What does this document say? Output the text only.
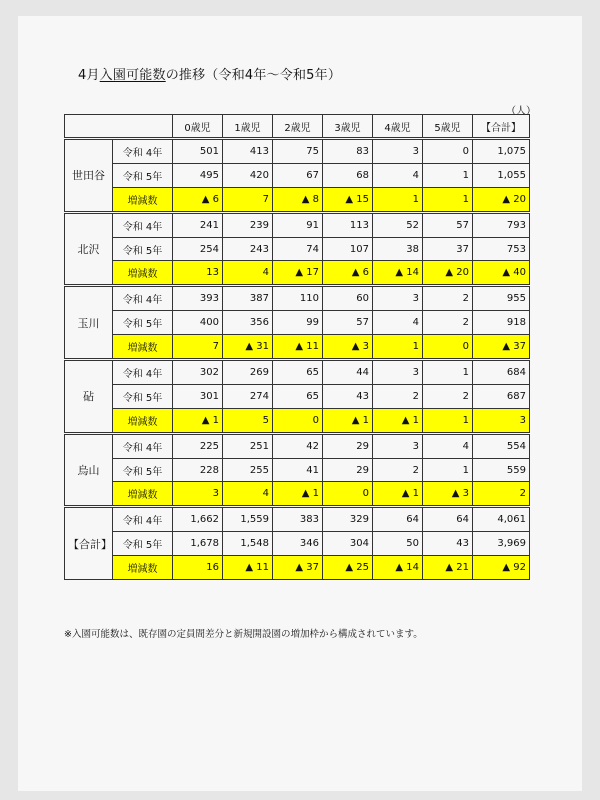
4月入園可能数の推移（令和4年～令和5年）
（人）
		0歳児	1歳児	2歳児	3歳児	4歳児	5歳児	【合計】
世田谷	令和 4年	501	413	75	83	3	0	1,075
	令和 5年	495	420	67	68	4	1	1,055
	増減数	▲ 6	7	▲ 8	▲ 15	1	1	▲ 20
北沢	令和 4年	241	239	91	113	52	57	793
	令和 5年	254	243	74	107	38	37	753
	増減数	13	4	▲ 17	▲ 6	▲ 14	▲ 20	▲ 40
玉川	令和 4年	393	387	110	60	3	2	955
	令和 5年	400	356	99	57	4	2	918
	増減数	7	▲ 31	▲ 11	▲ 3	1	0	▲ 37
砧	令和 4年	302	269	65	44	3	1	684
	令和 5年	301	274	65	43	2	2	687
	増減数	▲ 1	5	0	▲ 1	▲ 1	1	3
烏山	令和 4年	225	251	42	29	3	4	554
	令和 5年	228	255	41	29	2	1	559
	増減数	3	4	▲ 1	0	▲ 1	▲ 3	2
【合計】	令和 4年	1,662	1,559	383	329	64	64	4,061
	令和 5年	1,678	1,548	346	304	50	43	3,969
	増減数	16	▲ 11	▲ 37	▲ 25	▲ 14	▲ 21	▲ 92
※入園可能数は、既存園の定員間差分と新規開設園の増加枠から構成されています。
